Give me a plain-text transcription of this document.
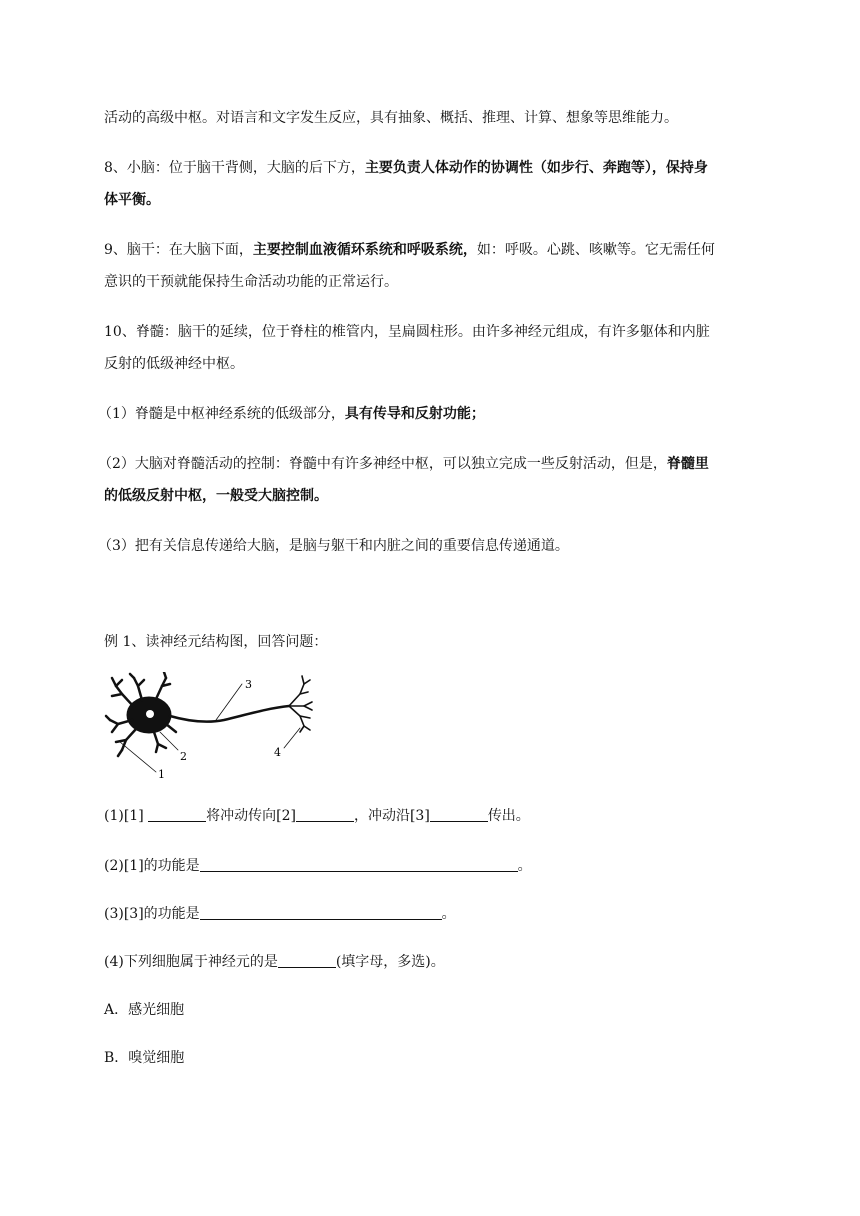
活动的高级中枢。对语言和文字发生反应，具有抽象、概括、推理、计算、想象等思维能力。
8、小脑：位于脑干背侧，大脑的后下方，主要负责人体动作的协调性（如步行、奔跑等），保持身
体平衡。
9、脑干：在大脑下面，主要控制血液循环系统和呼吸系统，如：呼吸。心跳、咳嗽等。它无需任何
意识的干预就能保持生命活动功能的正常运行。
10、脊髓：脑干的延续，位于脊柱的椎管内，呈扁圆柱形。由许多神经元组成，有许多躯体和内脏
反射的低级神经中枢。
（1）脊髓是中枢神经系统的低级部分，具有传导和反射功能；
（2）大脑对脊髓活动的控制：脊髓中有许多神经中枢，可以独立完成一些反射活动，但是，脊髓里
的低级反射中枢，一般受大脑控制。
（3）把有关信息传递给大脑，是脑与躯干和内脏之间的重要信息传递通道。
例 1、读神经元结构图，回答问题：
1
2
3
4
(1)[1]	将冲动传向[2]	，冲动沿[3]	传出。
(2)[1]的功能是	。
(3)[3]的功能是	。
(4)下列细胞属于神经元的是	(填字母，多选)。
A．感光细胞
B．嗅觉细胞
